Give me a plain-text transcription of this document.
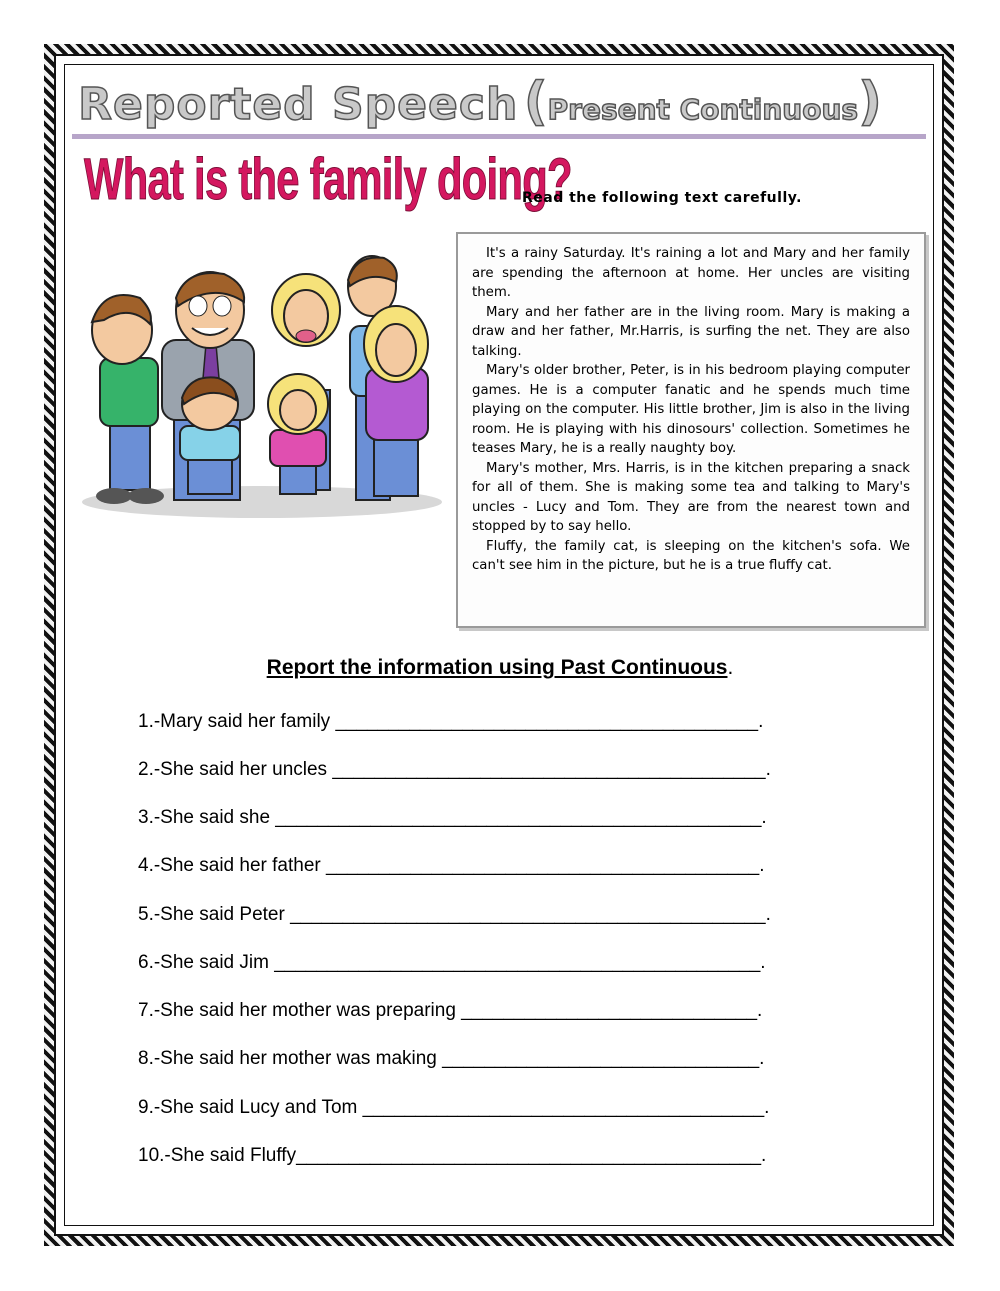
Reported Speech (Present Continuous)
What is the family doing?
Read the following text carefully.

It's a rainy Saturday. It's raining a lot and Mary and her family are spending the afternoon at home. Her uncles are visiting them.

Mary and her father are in the living room. Mary is making a draw and her father, Mr.Harris, is surfing the net. They are also talking.

Mary's older brother, Peter, is in his bedroom playing computer games. He is a computer fanatic and he spends much time playing on the computer. His little brother, Jim is also in the living room. He is playing with his dinosours' collection. Sometimes he teases Mary, he is a really naughty boy.

Mary's mother, Mrs. Harris, is in the kitchen preparing a snack for all of them. She is making some tea and talking to Mary's uncles - Lucy and Tom. They are from the nearest town and stopped by to say hello.

Fluffy, the family cat, is sleeping on the kitchen's sofa. We can't see him in the picture, but he is a true fluffy cat.

Report the information using Past Continuous.
1.-Mary said her family ________________________________________.
2.-She said her uncles _________________________________________.
3.-She said she ______________________________________________.
4.-She said her father _________________________________________.
5.-She said Peter _____________________________________________.
6.-She said Jim ______________________________________________.
7.-She said her mother was preparing ____________________________.
8.-She said her mother was making ______________________________.
9.-She said Lucy and Tom ______________________________________.
10.-She said Fluffy____________________________________________.
